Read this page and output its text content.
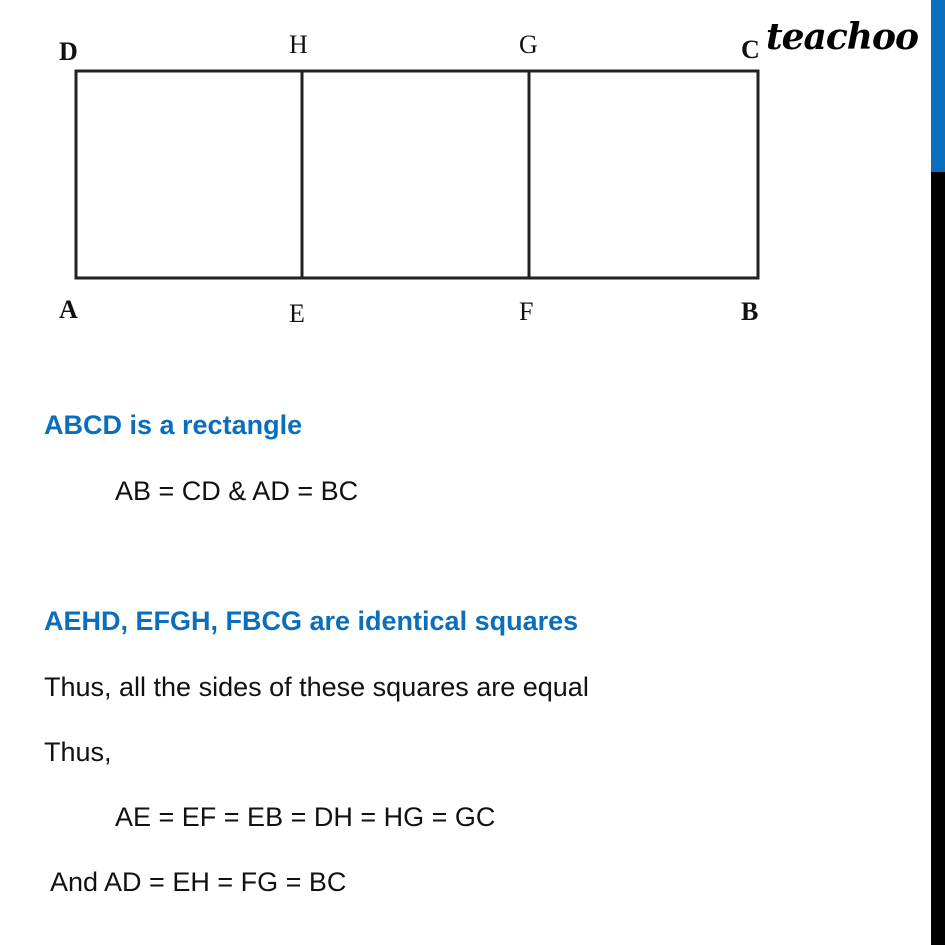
teachoo
D	H	G	C
A	E	F	B
ABCD is a rectangle
AB = CD & AD = BC
AEHD, EFGH, FBCG are identical squares
Thus, all the sides of these squares are equal
Thus,
AE = EF = EB = DH = HG = GC
And AD = EH = FG = BC
